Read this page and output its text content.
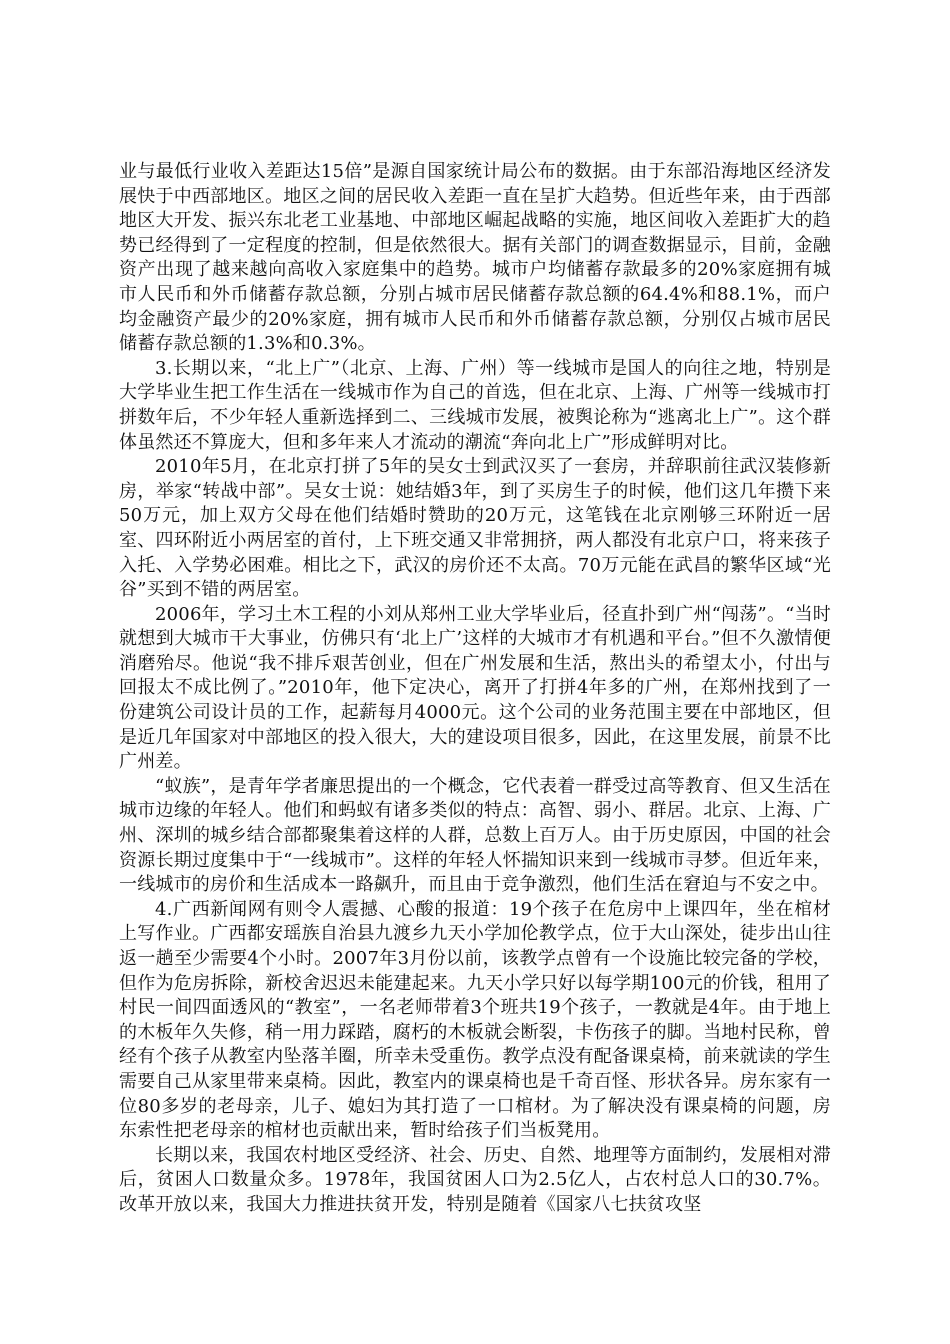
业与最低行业收入差距达15倍”是源自国家统计局公布的数据。由于东部沿海地区经济发展快于中西部地区。地区之间的居民收入差距一直在呈扩大趋势。但近些年来，由于西部地区大开发、振兴东北老工业基地、中部地区崛起战略的实施，地区间收入差距扩大的趋势已经得到了一定程度的控制，但是依然很大。据有关部门的调查数据显示，目前，金融资产出现了越来越向高收入家庭集中的趋势。城市户均储蓄存款最多的20%家庭拥有城市人民币和外币储蓄存款总额，分别占城市居民储蓄存款总额的64.4%和88.1%，而户均金融资产最少的20%家庭，拥有城市人民币和外币储蓄存款总额，分别仅占城市居民储蓄存款总额的1.3%和0.3%。

3.长期以来，“北上广”（北京、上海、广州）等一线城市是国人的向往之地，特别是大学毕业生把工作生活在一线城市作为自己的首选，但在北京、上海、广州等一线城市打拼数年后，不少年轻人重新选择到二、三线城市发展，被舆论称为“逃离北上广”。这个群体虽然还不算庞大，但和多年来人才流动的潮流“奔向北上广”形成鲜明对比。

2010年5月，在北京打拼了5年的吴女士到武汉买了一套房，并辞职前往武汉装修新房，举家“转战中部”。吴女士说：她结婚3年，到了买房生子的时候，他们这几年攒下来50万元，加上双方父母在他们结婚时赞助的20万元，这笔钱在北京刚够三环附近一居室、四环附近小两居室的首付，上下班交通又非常拥挤，两人都没有北京户口，将来孩子入托、入学势必困难。相比之下，武汉的房价还不太高。70万元能在武昌的繁华区域“光谷”买到不错的两居室。

2006年，学习土木工程的小刘从郑州工业大学毕业后，径直扑到广州“闯荡”。“当时就想到大城市干大事业，仿佛只有‘北上广’这样的大城市才有机遇和平台。”但不久激情便消磨殆尽。他说“我不排斥艰苦创业，但在广州发展和生活，熬出头的希望太小，付出与回报太不成比例了。”2010年，他下定决心，离开了打拼4年多的广州，在郑州找到了一份建筑公司设计员的工作，起薪每月4000元。这个公司的业务范围主要在中部地区，但是近几年国家对中部地区的投入很大，大的建设项目很多，因此，在这里发展，前景不比广州差。

“蚁族”，是青年学者廉思提出的一个概念，它代表着一群受过高等教育、但又生活在城市边缘的年轻人。他们和蚂蚁有诸多类似的特点：高智、弱小、群居。北京、上海、广州、深圳的城乡结合部都聚集着这样的人群，总数上百万人。由于历史原因，中国的社会资源长期过度集中于“一线城市”。这样的年轻人怀揣知识来到一线城市寻梦。但近年来，一线城市的房价和生活成本一路飙升，而且由于竞争激烈，他们生活在窘迫与不安之中。

4.广西新闻网有则令人震撼、心酸的报道：19个孩子在危房中上课四年，坐在棺材上写作业。广西都安瑶族自治县九渡乡九天小学加伦教学点，位于大山深处，徒步出山往返一趟至少需要4个小时。2007年3月份以前，该教学点曾有一个设施比较完备的学校，但作为危房拆除，新校舍迟迟未能建起来。九天小学只好以每学期100元的价钱，租用了村民一间四面透风的“教室”，一名老师带着3个班共19个孩子，一教就是4年。由于地上的木板年久失修，稍一用力踩踏，腐朽的木板就会断裂，卡伤孩子的脚。当地村民称，曾经有个孩子从教室内坠落羊圈，所幸未受重伤。教学点没有配备课桌椅，前来就读的学生需要自己从家里带来桌椅。因此，教室内的课桌椅也是千奇百怪、形状各异。房东家有一位80多岁的老母亲，儿子、媳妇为其打造了一口棺材。为了解决没有课桌椅的问题，房东索性把老母亲的棺材也贡献出来，暂时给孩子们当板凳用。

长期以来，我国农村地区受经济、社会、历史、自然、地理等方面制约，发展相对滞后，贫困人口数量众多。1978年，我国贫困人口为2.5亿人，占农村总人口的30.7%。改革开放以来，我国大力推进扶贫开发，特别是随着《国家八七扶贫攻坚
